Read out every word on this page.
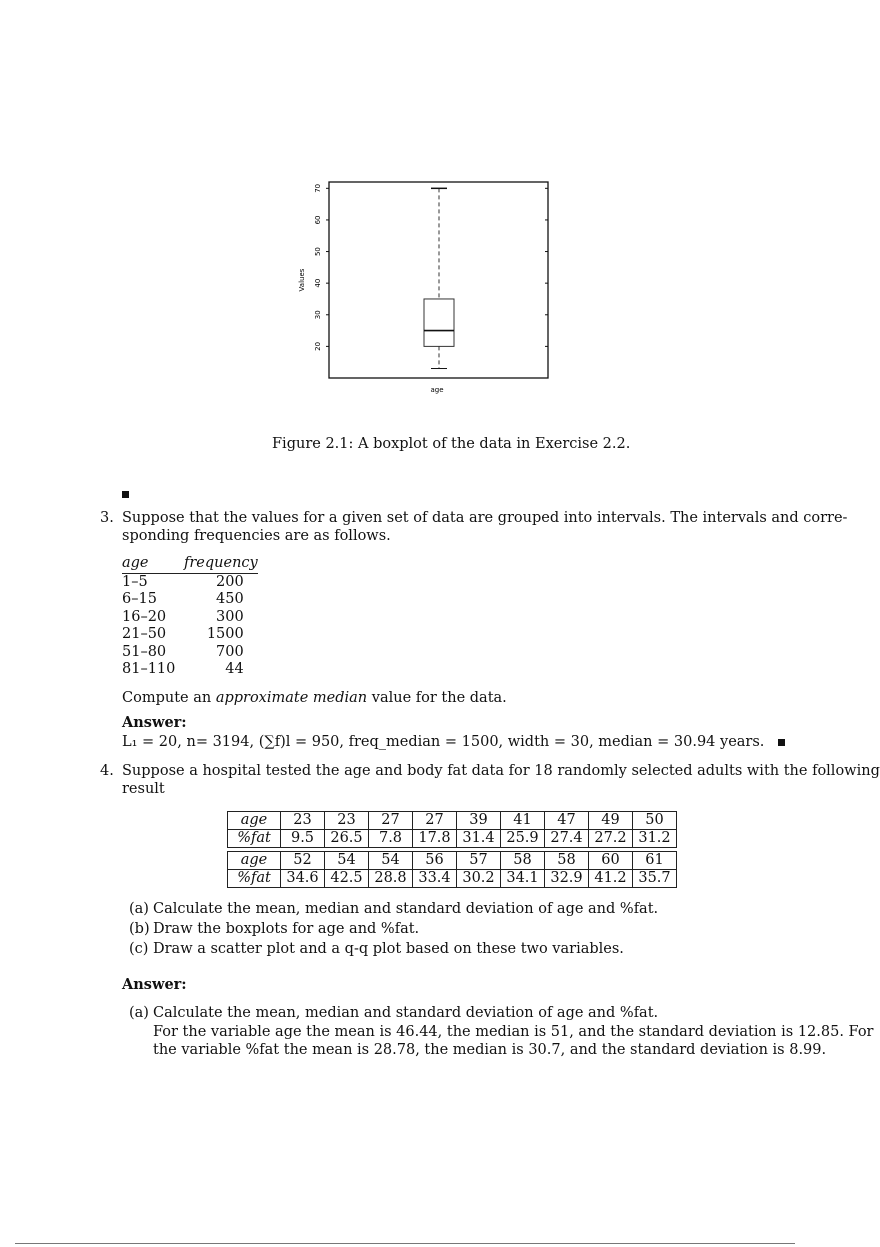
20
30
40
50
60
70
Values
age
Figure 2.1: A boxplot of the data in Exercise 2.2.
3. Suppose that the values for a given set of data are grouped into intervals. The intervals and corre-
sponding frequencies are as follows.
age	frequency
1–5	200
6–15	450
16–20	300
21–50	1500
51–80	700
81–110	44
Compute an approximate median value for the data.
Answer:
L₁ = 20, n= 3194, (∑f)l = 950, freq_median = 1500, width = 30, median = 30.94 years.
4. Suppose a hospital tested the age and body fat data for 18 randomly selected adults with the following
result
age	23	23	27	27	39	41	47	49	50
%fat	9.5	26.5	7.8	17.8	31.4	25.9	27.4	27.2	31.2
age	52	54	54	56	57	58	58	60	61
%fat	34.6	42.5	28.8	33.4	30.2	34.1	32.9	41.2	35.7
(a) Calculate the mean, median and standard deviation of age and %fat.
(b) Draw the boxplots for age and %fat.
(c) Draw a scatter plot and a q-q plot based on these two variables.
Answer:
(a) Calculate the mean, median and standard deviation of age and %fat.
For the variable age the mean is 46.44, the median is 51, and the standard deviation is 12.85. For
the variable %fat the mean is 28.78, the median is 30.7, and the standard deviation is 8.99.
